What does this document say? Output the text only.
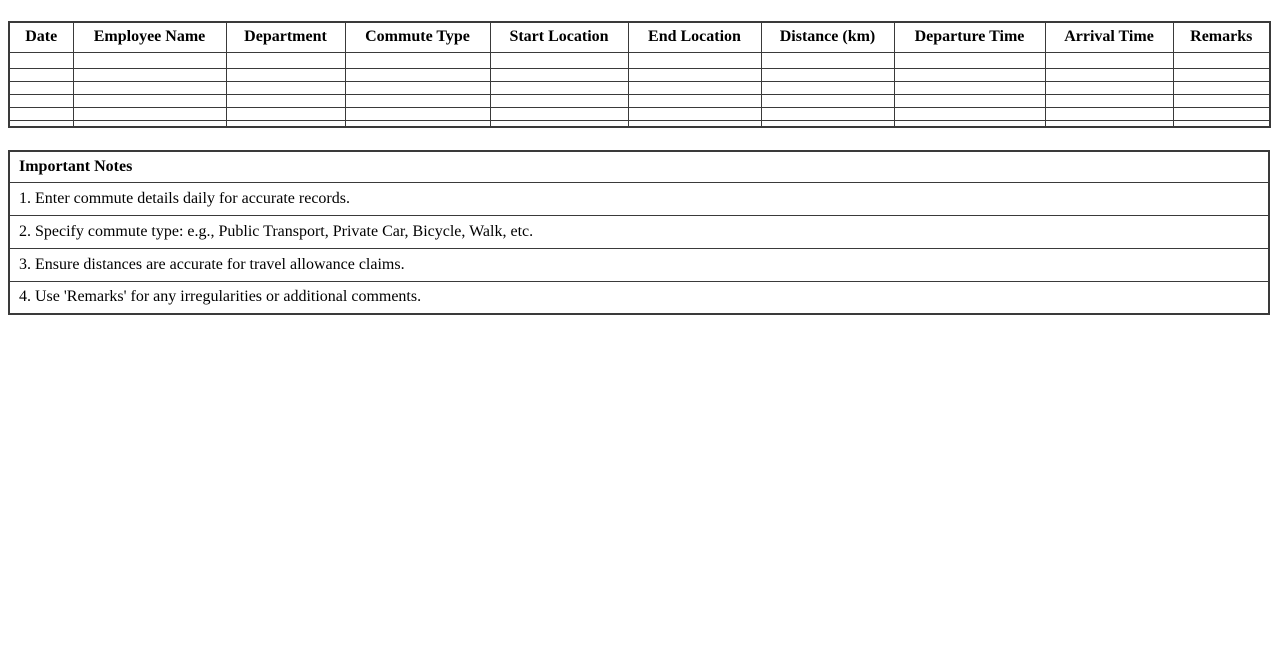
Date	Employee Name	Department	Commute Type	Start Location	End Location	Distance (km)	Departure Time	Arrival Time	Remarks

Important Notes
1. Enter commute details daily for accurate records.
2. Specify commute type: e.g., Public Transport, Private Car, Bicycle, Walk, etc.
3. Ensure distances are accurate for travel allowance claims.
4. Use 'Remarks' for any irregularities or additional comments.
